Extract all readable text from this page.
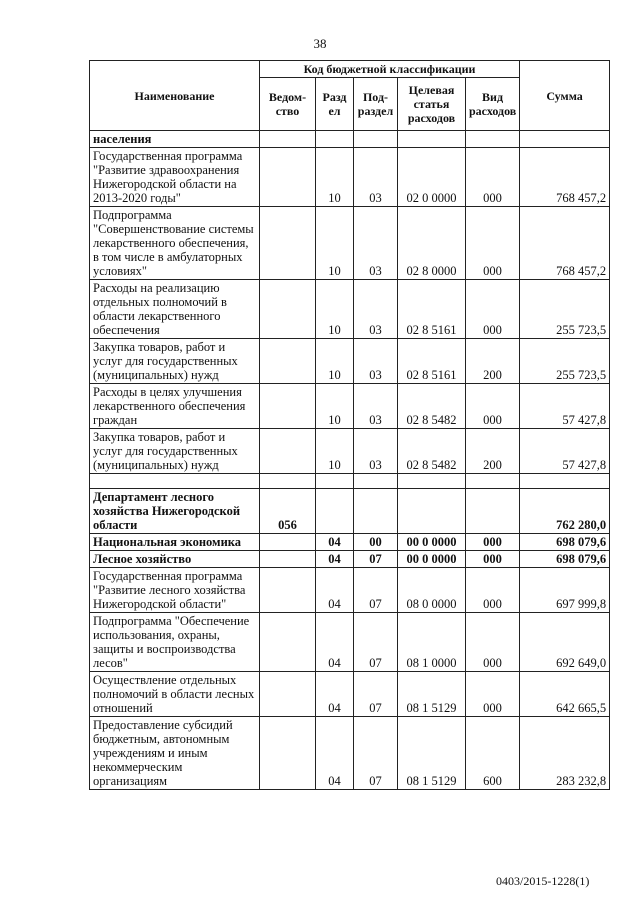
38
Наименование	Код бюджетной классификации					Сумма
	Ведом-ство	Разд ел	Под-раздел	Целевая статья расходов	Вид расходов	
населения						
Государственная программа "Развитие здравоохранения Нижегородской области на 2013-2020 годы"		10	03	02 0 0000	000	768 457,2
Подпрограмма "Совершенствование системы лекарственного обеспечения, в том числе в амбулаторных условиях"		10	03	02 8 0000	000	768 457,2
Расходы на реализацию отдельных полномочий в области лекарственного обеспечения		10	03	02 8 5161	000	255 723,5
Закупка товаров, работ и услуг для государственных (муниципальных) нужд		10	03	02 8 5161	200	255 723,5
Расходы в целях улучшения лекарственного обеспечения граждан		10	03	02 8 5482	000	57 427,8
Закупка товаров, работ и услуг для государственных (муниципальных) нужд		10	03	02 8 5482	200	57 427,8

Департамент лесного хозяйства Нижегородской области	056					762 280,0
Национальная экономика		04	00	00 0 0000	000	698 079,6
Лесное хозяйство		04	07	00 0 0000	000	698 079,6
Государственная программа "Развитие лесного хозяйства Нижегородской области"		04	07	08 0 0000	000	697 999,8
Подпрограмма "Обеспечение использования, охраны, защиты и воспроизводства лесов"		04	07	08 1 0000	000	692 649,0
Осуществление отдельных полномочий в области лесных отношений		04	07	08 1 5129	000	642 665,5
Предоставление субсидий бюджетным, автономным учреждениям и иным некоммерческим организациям		04	07	08 1 5129	600	283 232,8
0403/2015-1228(1)
